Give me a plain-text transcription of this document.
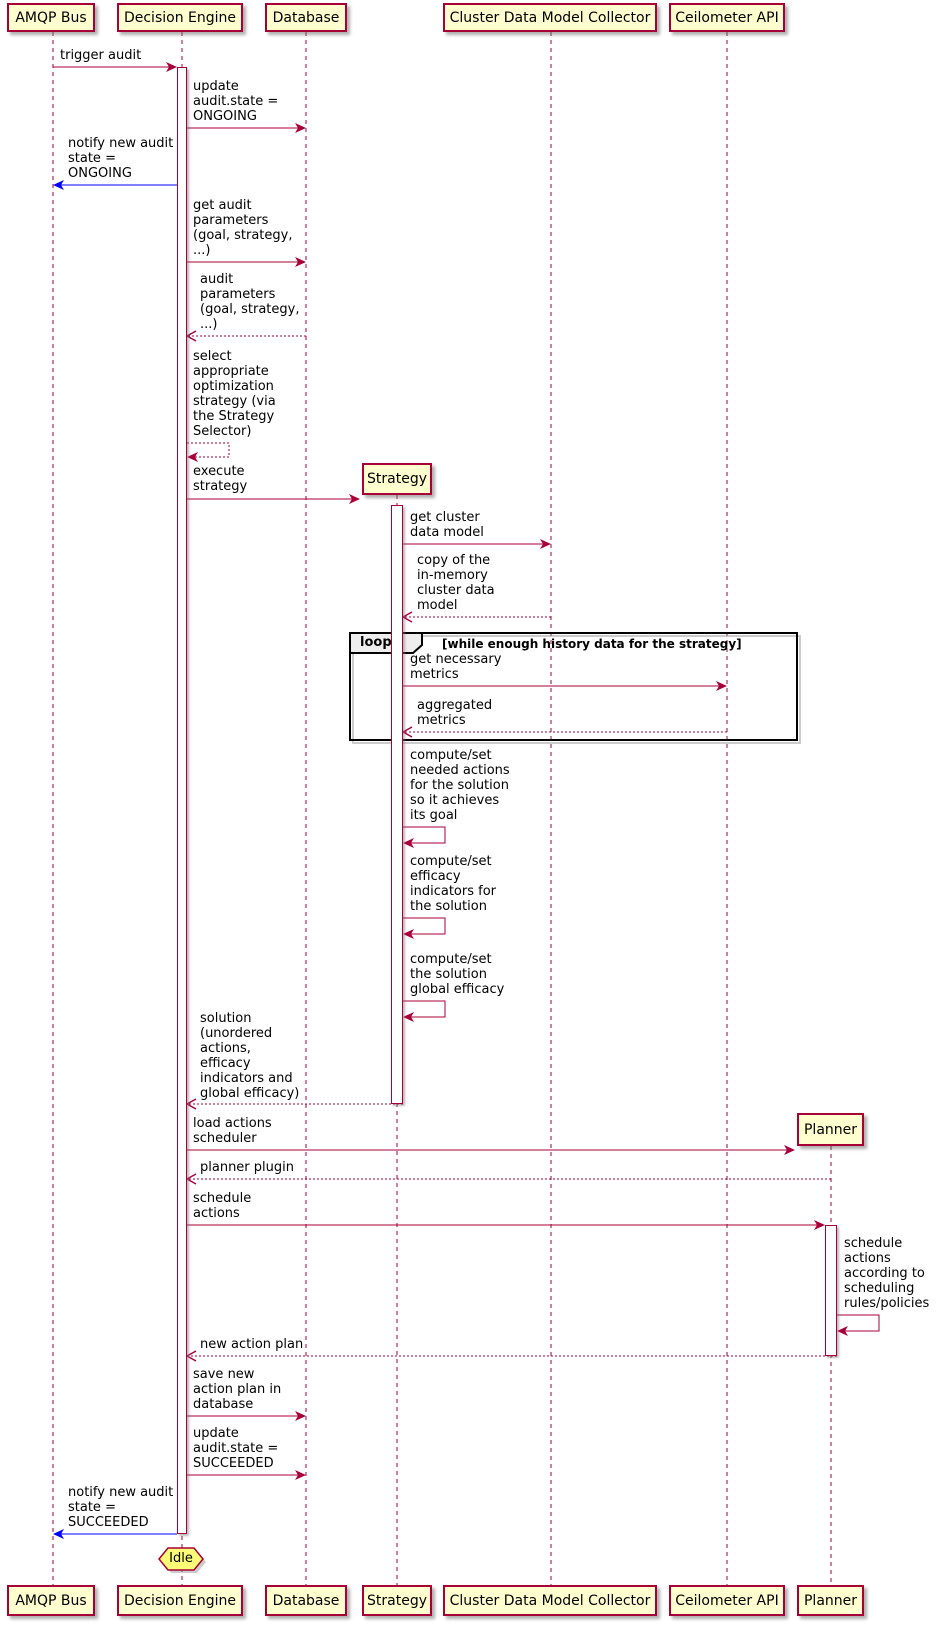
loop	[while enough history data for the strategy]
trigger audit
update
audit.state =
ONGOING
notify new audit
state =
ONGOING
get audit
parameters
(goal, strategy,
...)
audit
parameters
(goal, strategy,
...)
select
appropriate
optimization
strategy (via
the Strategy
Selector)
execute
strategy
get cluster
data model
copy of the
in-memory
cluster data
model
get necessary
metrics
aggregated
metrics
compute/set
needed actions
for the solution
so it achieves
its goal
compute/set
efficacy
indicators for
the solution
compute/set
the solution
global efficacy
solution
(unordered
actions,
efficacy
indicators and
global efficacy)
load actions
scheduler
planner plugin
schedule
actions
schedule
actions
according to
scheduling
rules/policies
new action plan
save new
action plan in
database
update
audit.state =
SUCCEEDED
notify new audit
state =
SUCCEEDED
AMQP Bus
AMQP Bus
Decision Engine
Decision Engine
Database
Database
Strategy
Strategy
Cluster Data Model Collector
Cluster Data Model Collector
Ceilometer API
Ceilometer API
Planner
Planner
Idle
